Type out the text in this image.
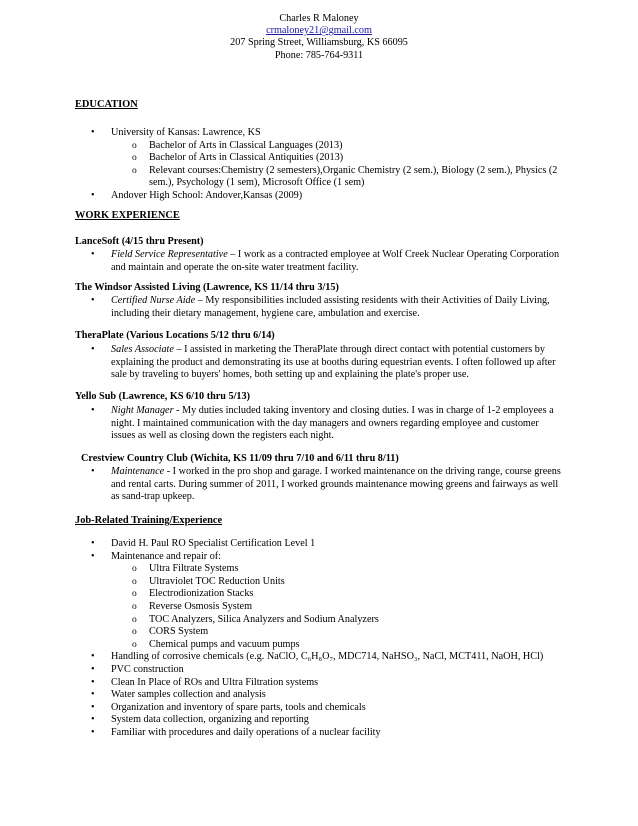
Charles R Maloney
crmaloney21@gmail.com
207 Spring Street, Williamsburg, KS 66095
Phone: 785-764-9311
EDUCATION
• University of Kansas: Lawrence, KS
o Bachelor of Arts in Classical Languages (2013)
o Bachelor of Arts in Classical Antiquities (2013)
o Relevant courses:Chemistry (2 semesters),Organic Chemistry (2 sem.), Biology (2 sem.), Physics (2 sem.), Psychology (1 sem), Microsoft Office (1 sem)
• Andover High School: Andover,Kansas (2009)
WORK EXPERIENCE
LanceSoft (4/15 thru Present)
• Field Service Representative – I work as a contracted employee at Wolf Creek Nuclear Operating Corporation and maintain and operate the on-site water treatment facility.
The Windsor Assisted Living (Lawrence, KS 11/14 thru 3/15)
• Certified Nurse Aide – My responsibilities included assisting residents with their Activities of Daily Living, including their dietary management, hygiene care, ambulation and exercise.
TheraPlate (Various Locations 5/12 thru 6/14)
• Sales Associate – I assisted in marketing the TheraPlate through direct contact with potential customers by explaining the product and demonstrating its use at booths during equestrian events. I often followed up after sale by traveling to buyers' homes, both setting up and explaining the plate's proper use.
Yello Sub (Lawrence, KS 6/10 thru 5/13)
• Night Manager - My duties included taking inventory and closing duties. I was in charge of 1-2 employees a night. I maintained communication with the day managers and owners regarding employee and customer issues as well as closing down the registers each night.
Crestview Country Club (Wichita, KS 11/09 thru 7/10 and 6/11 thru 8/11)
• Maintenance - I worked in the pro shop and garage. I worked maintenance on the driving range, course greens and rental carts. During summer of 2011, I worked grounds maintenance mowing greens and fairways as well as sand-trap upkeep.
Job-Related Training/Experience
• David H. Paul RO Specialist Certification Level 1
• Maintenance and repair of:
o Ultra Filtrate Systems
o Ultraviolet TOC Reduction Units
o Electrodionization Stacks
o Reverse Osmosis System
o TOC Analyzers, Silica Analyzers and Sodium Analyzers
o CORS System
o Chemical pumps and vacuum pumps
• Handling of corrosive chemicals (e.g. NaClO, C₆H₈O₇, MDC714, NaHSO₃, NaCl, MCT411, NaOH, HCl)
• PVC construction
• Clean In Place of ROs and Ultra Filtration systems
• Water samples collection and analysis
• Organization and inventory of spare parts, tools and chemicals
• System data collection, organizing and reporting
• Familiar with procedures and daily operations of a nuclear facility
